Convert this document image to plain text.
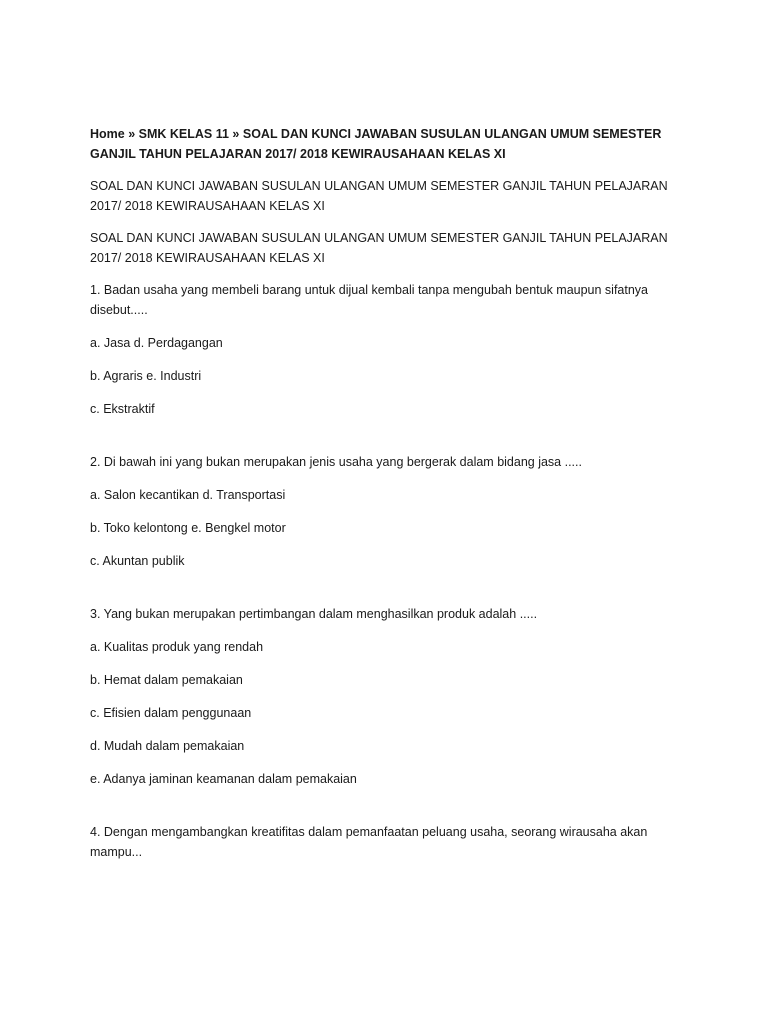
Home » SMK KELAS 11 » SOAL DAN KUNCI JAWABAN SUSULAN ULANGAN UMUM SEMESTER GANJIL TAHUN PELAJARAN 2017/ 2018 KEWIRAUSAHAAN KELAS XI

SOAL DAN KUNCI JAWABAN SUSULAN ULANGAN UMUM SEMESTER GANJIL TAHUN PELAJARAN 2017/ 2018 KEWIRAUSAHAAN KELAS XI

SOAL DAN KUNCI JAWABAN SUSULAN ULANGAN UMUM SEMESTER GANJIL TAHUN PELAJARAN 2017/ 2018 KEWIRAUSAHAAN KELAS XI

1. Badan usaha yang membeli barang untuk dijual kembali tanpa mengubah bentuk maupun sifatnya disebut.....

a. Jasa d. Perdagangan

b. Agraris e. Industri

c. Ekstraktif

2. Di bawah ini yang bukan merupakan jenis usaha yang bergerak dalam bidang jasa .....

a. Salon kecantikan d. Transportasi

b. Toko kelontong e. Bengkel motor

c. Akuntan publik

3. Yang bukan merupakan pertimbangan dalam menghasilkan produk adalah .....

a. Kualitas produk yang rendah

b. Hemat dalam pemakaian

c. Efisien dalam penggunaan

d. Mudah dalam pemakaian

e. Adanya jaminan keamanan dalam pemakaian

4. Dengan mengambangkan kreatifitas dalam pemanfaatan peluang usaha, seorang wirausaha akan mampu...
